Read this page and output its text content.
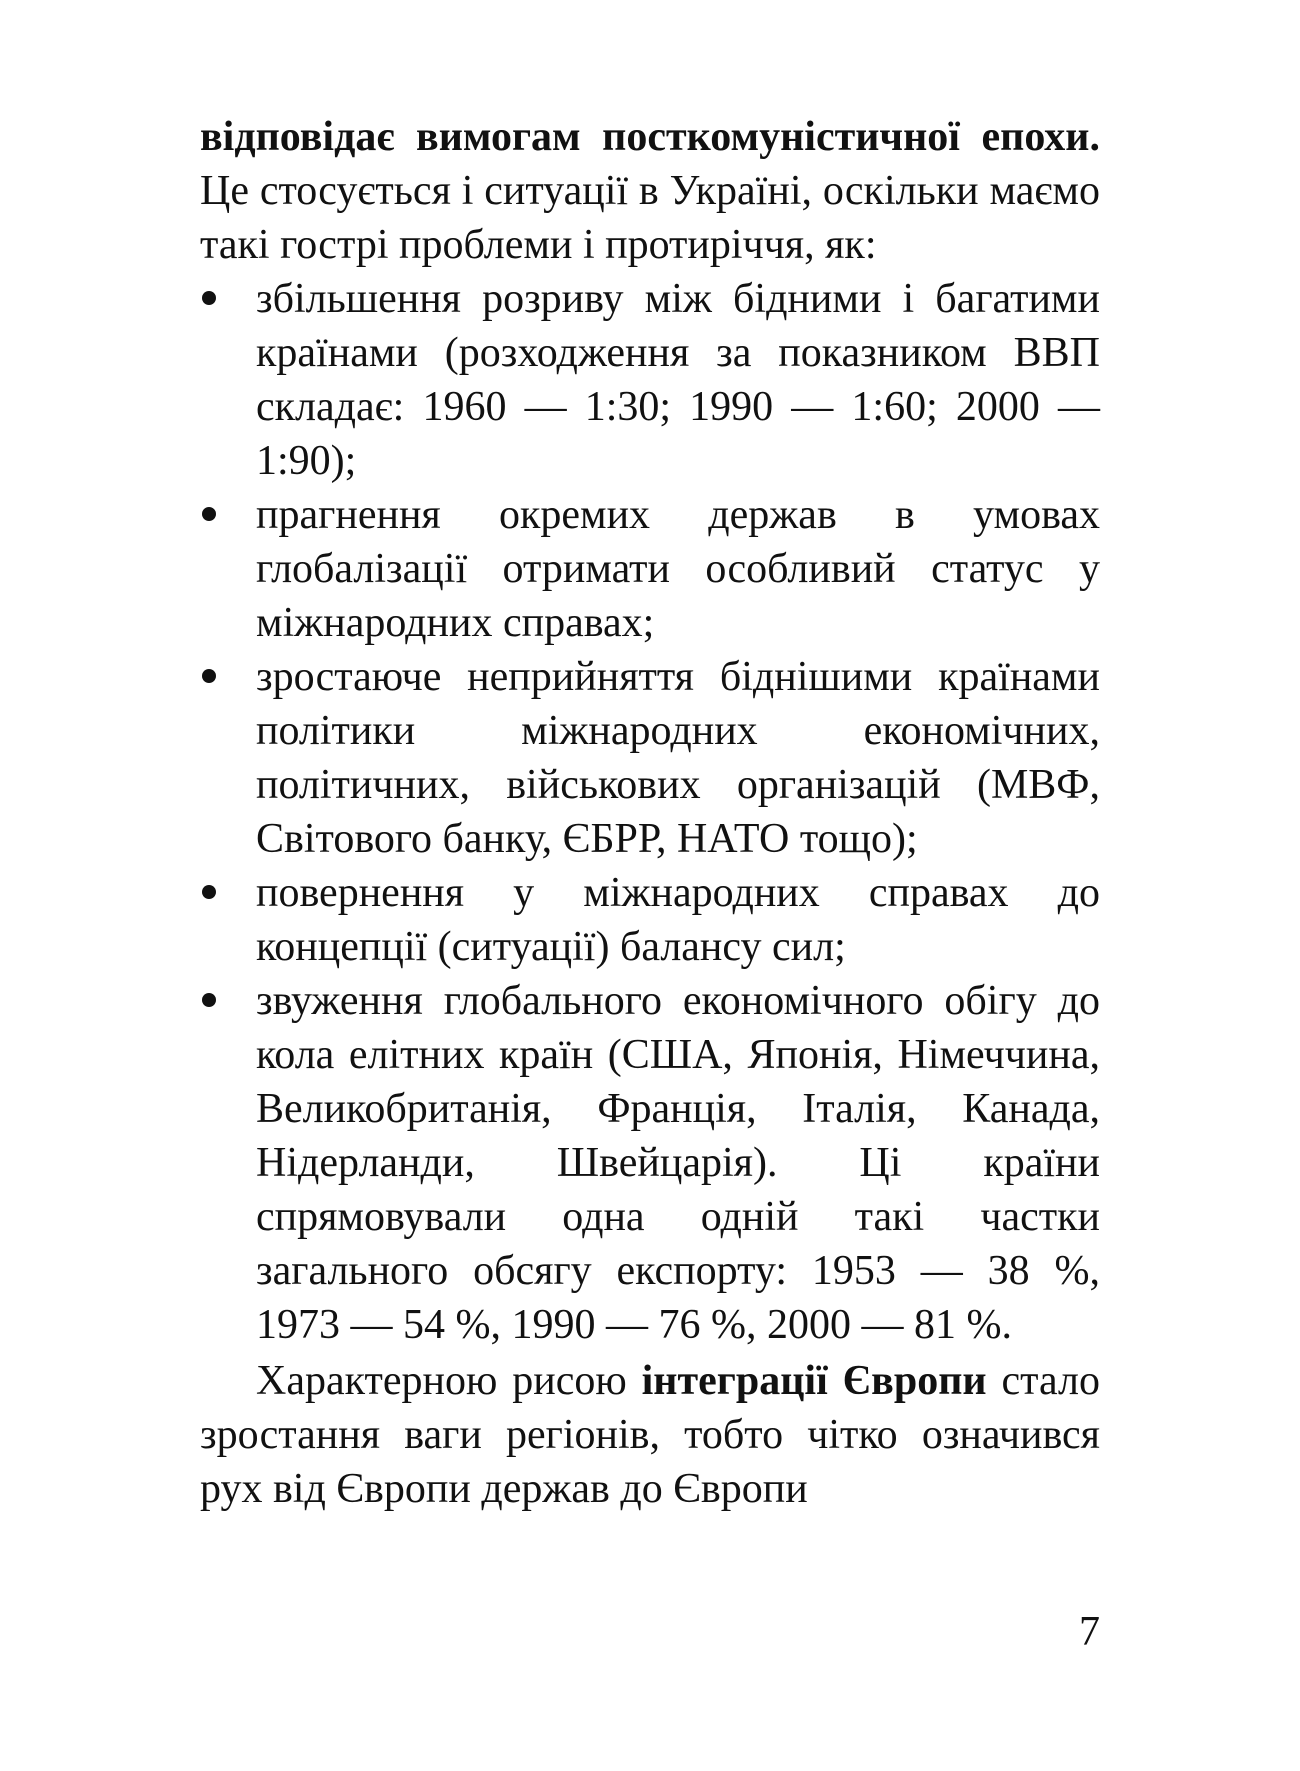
відповідає вимогам посткомуністичної епохи. Це стосується і ситуації в Україні, оскільки маємо такі гострі проблеми і протиріччя, як:

збільшення розриву між бідними і багатими країнами (розходження за показником ВВП складає: 1960 — 1:30; 1990 — 1:60; 2000 — 1:90);
прагнення окремих держав в умовах глобалізації отримати особливий статус у міжнародних справах;
зростаюче неприйняття біднішими країнами політики міжнародних економічних, політичних, військових організацій (МВФ, Світового банку, ЄБРР, НАТО тощо);
повернення у міжнародних справах до концепції (ситуації) балансу сил;
звуження глобального економічного обігу до кола елітних країн (США, Японія, Німеччина, Великобританія, Франція, Італія, Канада, Нідерланди, Швейцарія). Ці країни спрямовували одна одній такі частки загального обсягу експорту: 1953 — 38 %, 1973 — 54 %, 1990 — 76 %, 2000 — 81 %.

Характерною рисою інтеграції Європи стало зростання ваги регіонів, тобто чітко означився рух від Європи держав до Європи

7
